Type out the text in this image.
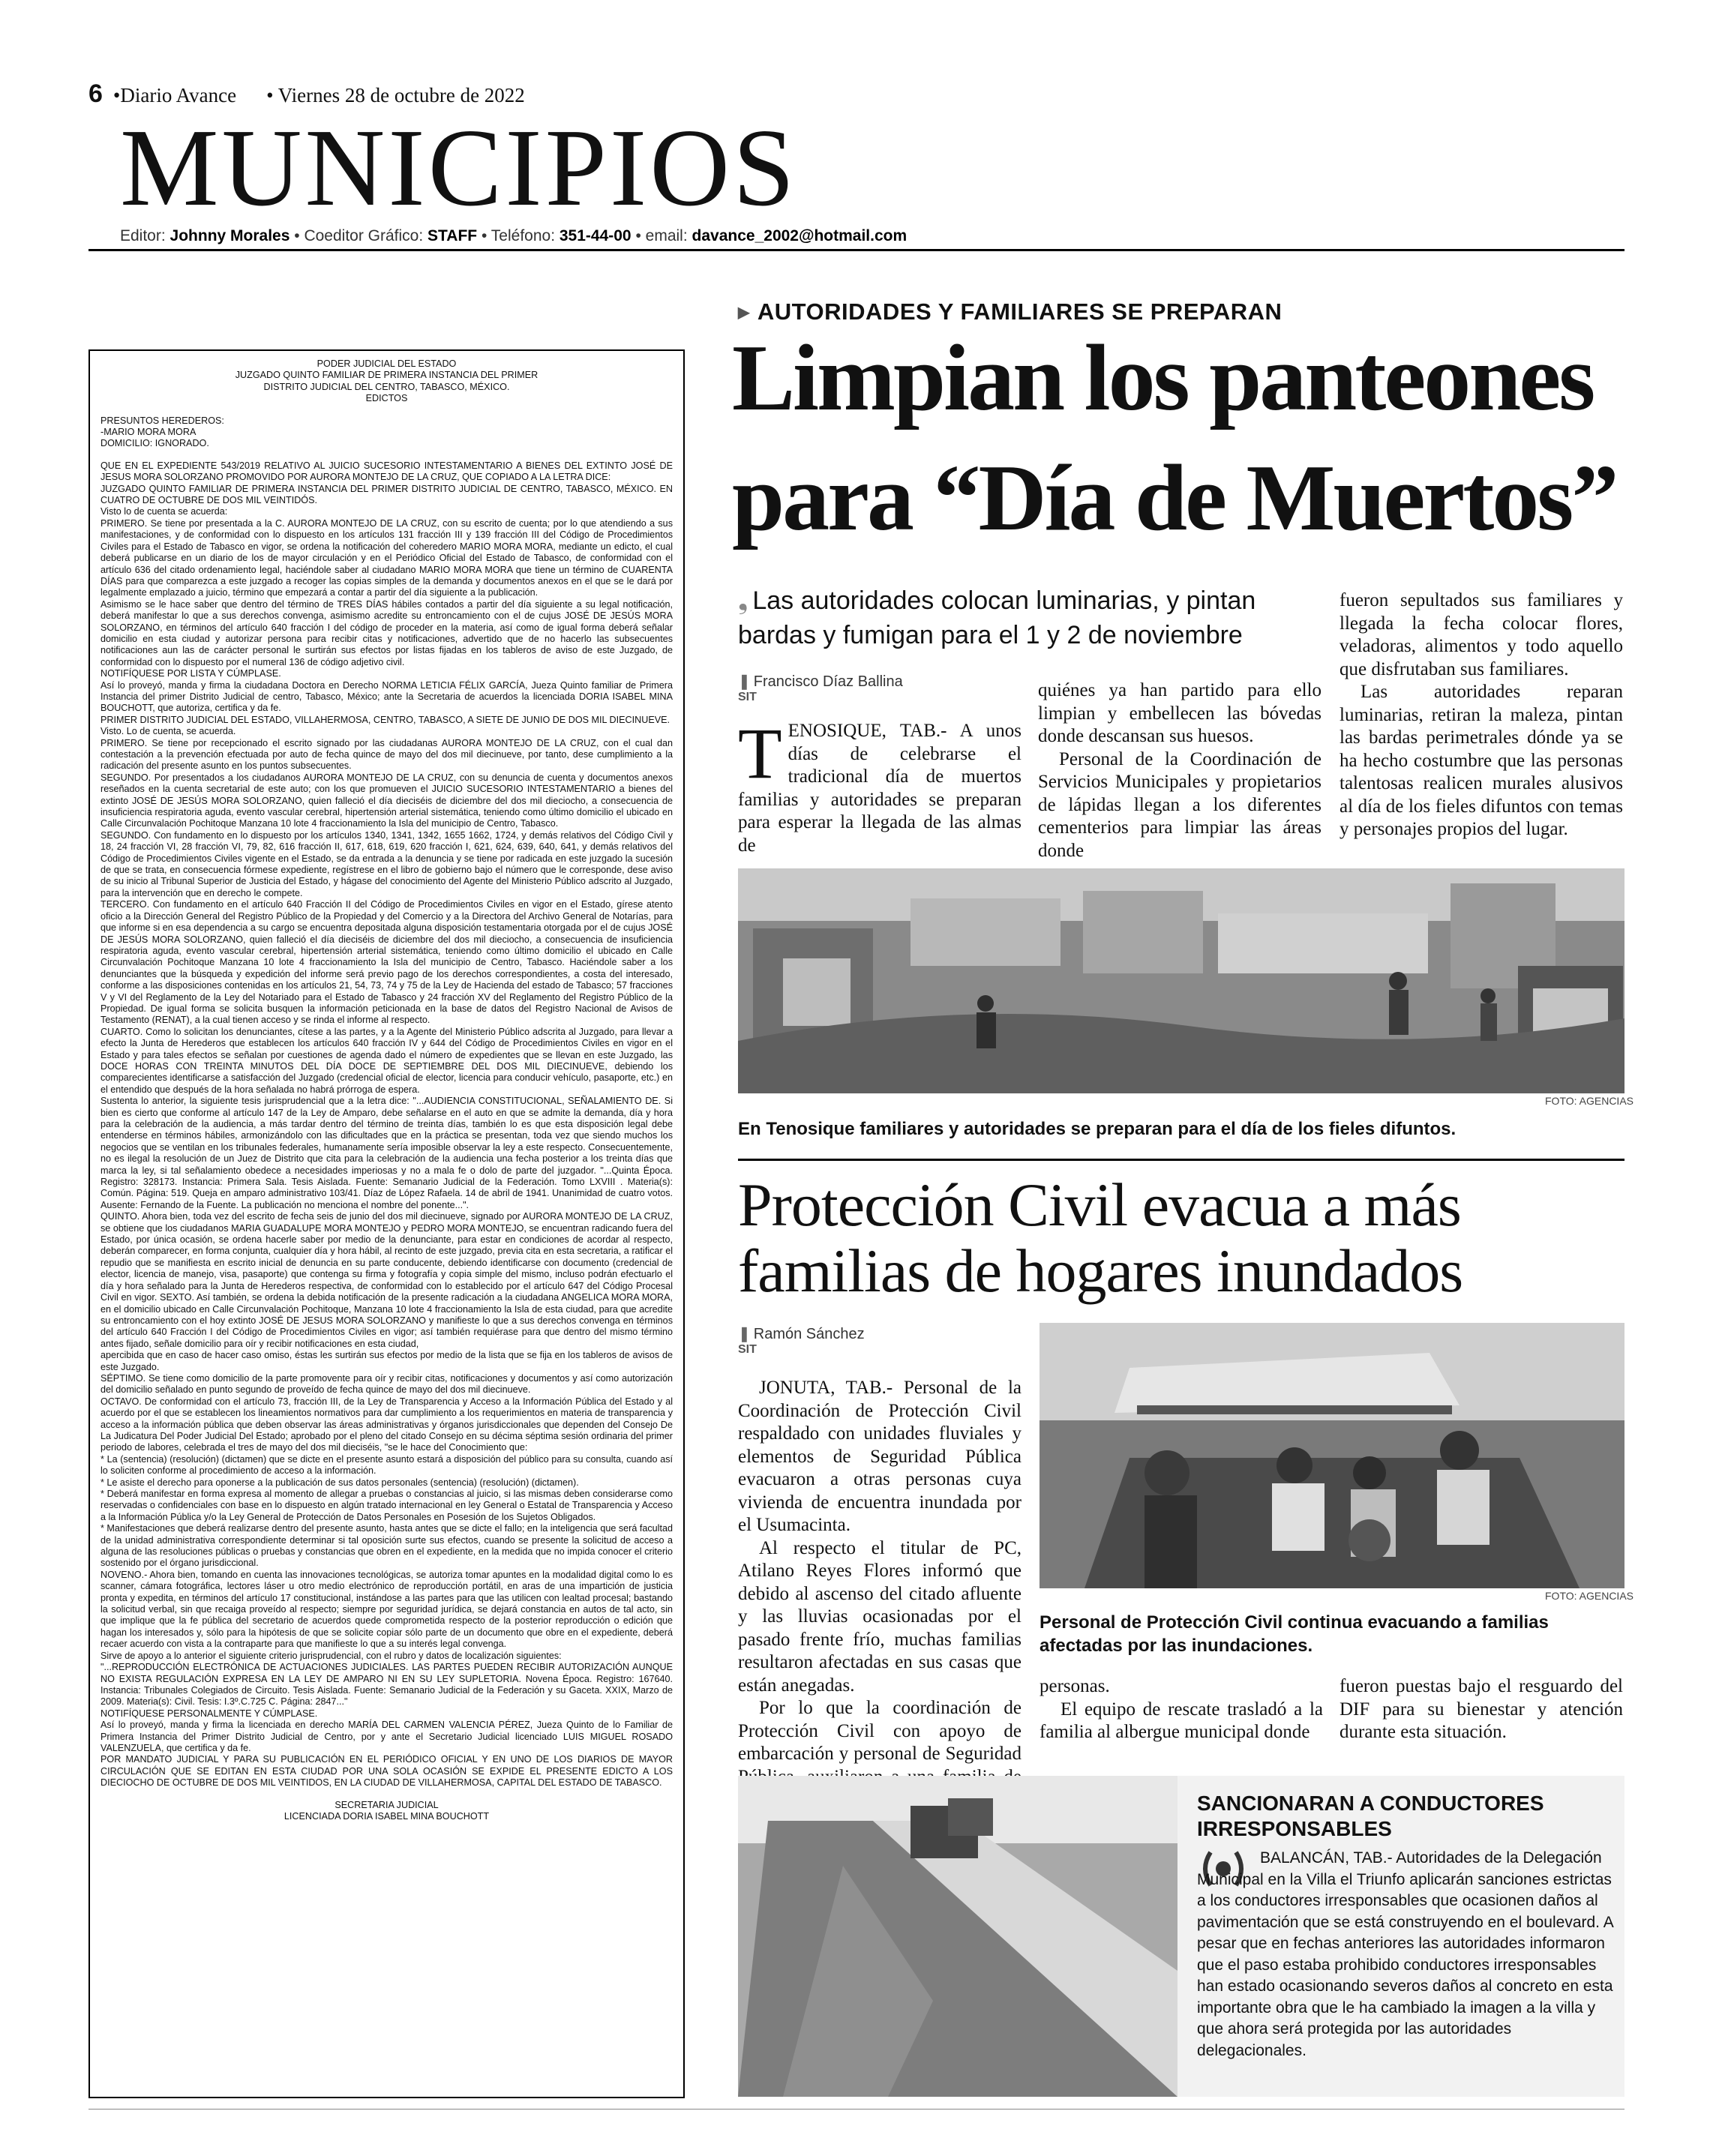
6 •Diario Avance • Viernes 28 de octubre de 2022
MUNICIPIOS
Editor: Johnny Morales • Coeditor Gráfico: STAFF • Teléfono: 351-44-00 • email: davance_2002@hotmail.com

PODER JUDICIAL DEL ESTADO

JUZGADO QUINTO FAMILIAR DE PRIMERA INSTANCIA DEL PRIMER

DISTRITO JUDICIAL DEL CENTRO, TABASCO, MÉXICO.

EDICTOS

PRESUNTOS HEREDEROS:

-MARIO MORA MORA

DOMICILIO: IGNORADO.

QUE EN EL EXPEDIENTE 543/2019 RELATIVO AL JUICIO SUCESORIO INTESTAMENTARIO A BIENES DEL EXTINTO JOSÉ DE JESUS MORA SOLORZANO PROMOVIDO POR AURORA MONTEJO DE LA CRUZ, QUE COPIADO A LA LETRA DICE:

JUZGADO QUINTO FAMILIAR DE PRIMERA INSTANCIA DEL PRIMER DISTRITO JUDICIAL DE CENTRO, TABASCO, MÉXICO. EN CUATRO DE OCTUBRE DE DOS MIL VEINTIDÓS.

Visto lo de cuenta se acuerda:

PRIMERO. Se tiene por presentada a la C. AURORA MONTEJO DE LA CRUZ, con su escrito de cuenta; por lo que atendiendo a sus manifestaciones, y de conformidad con lo dispuesto en los artículos 131 fracción III y 139 fracción III del Código de Procedimientos Civiles para el Estado de Tabasco en vigor, se ordena la notificación del coheredero MARIO MORA MORA, mediante un edicto, el cual deberá publicarse en un diario de los de mayor circulación y en el Periódico Oficial del Estado de Tabasco, de conformidad con el artículo 636 del citado ordenamiento legal, haciéndole saber al ciudadano MARIO MORA MORA que tiene un término de CUARENTA DÍAS para que comparezca a este juzgado a recoger las copias simples de la demanda y documentos anexos en el que se le dará por legalmente emplazado a juicio, término que empezará a contar a partir del día siguiente a la publicación.

Asimismo se le hace saber que dentro del término de TRES DÍAS hábiles contados a partir del día siguiente a su legal notificación, deberá manifestar lo que a sus derechos convenga, asimismo acredite su entroncamiento con el de cujus JOSÉ DE JESÚS MORA SOLORZANO, en términos del artículo 640 fracción I del código de proceder en la materia, así como de igual forma deberá señalar domicilio en esta ciudad y autorizar persona para recibir citas y notificaciones, advertido que de no hacerlo las subsecuentes notificaciones aun las de carácter personal le surtirán sus efectos por listas fijadas en los tableros de aviso de este Juzgado, de conformidad con lo dispuesto por el numeral 136 de código adjetivo civil.

NOTIFÍQUESE POR LISTA Y CÚMPLASE.

Así lo proveyó, manda y firma la ciudadana Doctora en Derecho NORMA LETICIA FÉLIX GARCÍA, Jueza Quinto familiar de Primera Instancia del primer Distrito Judicial de centro, Tabasco, México; ante la Secretaria de acuerdos la licenciada DORIA ISABEL MINA BOUCHOTT, que autoriza, certifica y da fe.

PRIMER DISTRITO JUDICIAL DEL ESTADO, VILLAHERMOSA, CENTRO, TABASCO, A SIETE DE JUNIO DE DOS MIL DIECINUEVE.

Visto. Lo de cuenta, se acuerda.

PRIMERO. Se tiene por recepcionado el escrito signado por las ciudadanas AURORA MONTEJO DE LA CRUZ, con el cual dan contestación a la prevención efectuada por auto de fecha quince de mayo del dos mil diecinueve, por tanto, dese cumplimiento a la radicación del presente asunto en los puntos subsecuentes.

SEGUNDO. Por presentados a los ciudadanos AURORA MONTEJO DE LA CRUZ, con su denuncia de cuenta y documentos anexos reseñados en la cuenta secretarial de este auto; con los que promueven el JUICIO SUCESORIO INTESTAMENTARIO a bienes del extinto JOSÉ DE JESÚS MORA SOLORZANO, quien falleció el día dieciséis de diciembre del dos mil dieciocho, a consecuencia de insuficiencia respiratoria aguda, evento vascular cerebral, hipertensión arterial sistemática, teniendo como último domicilio el ubicado en Calle Circunvalación Pochitoque Manzana 10 lote 4 fraccionamiento la Isla del municipio de Centro, Tabasco.

SEGUNDO. Con fundamento en lo dispuesto por los artículos 1340, 1341, 1342, 1655 1662, 1724, y demás relativos del Código Civil y 18, 24 fracción VI, 28 fracción VI, 79, 82, 616 fracción II, 617, 618, 619, 620 fracción I, 621, 624, 639, 640, 641, y demás relativos del Código de Procedimientos Civiles vigente en el Estado, se da entrada a la denuncia y se tiene por radicada en este juzgado la sucesión de que se trata, en consecuencia fórmese expediente, regístrese en el libro de gobierno bajo el número que le corresponde, dese aviso de su inicio al Tribunal Superior de Justicia del Estado, y hágase del conocimiento del Agente del Ministerio Público adscrito al Juzgado, para la intervención que en derecho le compete.

TERCERO. Con fundamento en el artículo 640 Fracción II del Código de Procedimientos Civiles en vigor en el Estado, gírese atento oficio a la Dirección General del Registro Público de la Propiedad y del Comercio y a la Directora del Archivo General de Notarías, para que informe si en esa dependencia a su cargo se encuentra depositada alguna disposición testamentaria otorgada por el de cujus JOSÉ DE JESÚS MORA SOLORZANO, quien falleció el día dieciséis de diciembre del dos mil dieciocho, a consecuencia de insuficiencia respiratoria aguda, evento vascular cerebral, hipertensión arterial sistemática, teniendo como último domicilio el ubicado en Calle Circunvalación Pochitoque Manzana 10 lote 4 fraccionamiento la Isla del municipio de Centro, Tabasco. Haciéndole saber a los denunciantes que la búsqueda y expedición del informe será previo pago de los derechos correspondientes, a costa del interesado, conforme a las disposiciones contenidas en los artículos 21, 54, 73, 74 y 75 de la Ley de Hacienda del estado de Tabasco; 57 fracciones V y VI del Reglamento de la Ley del Notariado para el Estado de Tabasco y 24 fracción XV del Reglamento del Registro Público de la Propiedad. De igual forma se solicita busquen la información peticionada en la base de datos del Registro Nacional de Avisos de Testamento (RENAT), a la cual tienen acceso y se rinda el informe al respecto.

CUARTO. Como lo solicitan los denunciantes, cítese a las partes, y a la Agente del Ministerio Público adscrita al Juzgado, para llevar a efecto la Junta de Herederos que establecen los artículos 640 fracción IV y 644 del Código de Procedimientos Civiles en vigor en el Estado y para tales efectos se señalan por cuestiones de agenda dado el número de expedientes que se llevan en este Juzgado, las DOCE HORAS CON TREINTA MINUTOS DEL DÍA DOCE DE SEPTIEMBRE DEL DOS MIL DIECINUEVE, debiendo los comparecientes identificarse a satisfacción del Juzgado (credencial oficial de elector, licencia para conducir vehículo, pasaporte, etc.) en el entendido que después de la hora señalada no habrá prórroga de espera.

Sustenta lo anterior, la siguiente tesis jurisprudencial que a la letra dice: "...AUDIENCIA CONSTITUCIONAL, SEÑALAMIENTO DE. Si bien es cierto que conforme al artículo 147 de la Ley de Amparo, debe señalarse en el auto en que se admite la demanda, día y hora para la celebración de la audiencia, a más tardar dentro del término de treinta días, también lo es que esta disposición legal debe entenderse en términos hábiles, armonizándolo con las dificultades que en la práctica se presentan, toda vez que siendo muchos los negocios que se ventilan en los tribunales federales, humanamente sería imposible observar la ley a este respecto. Consecuentemente, no es ilegal la resolución de un Juez de Distrito que cita para la celebración de la audiencia una fecha posterior a los treinta días que marca la ley, si tal señalamiento obedece a necesidades imperiosas y no a mala fe o dolo de parte del juzgador. "...Quinta Época. Registro: 328173. Instancia: Primera Sala. Tesis Aislada. Fuente: Semanario Judicial de la Federación. Tomo LXVIII . Materia(s): Común. Página: 519. Queja en amparo administrativo 103/41. Díaz de López Rafaela. 14 de abril de 1941. Unanimidad de cuatro votos. Ausente: Fernando de la Fuente. La publicación no menciona el nombre del ponente...".

QUINTO. Ahora bien, toda vez del escrito de fecha seis de junio del dos mil diecinueve, signado por AURORA MONTEJO DE LA CRUZ, se obtiene que los ciudadanos MARIA GUADALUPE MORA MONTEJO y PEDRO MORA MONTEJO, se encuentran radicando fuera del Estado, por única ocasión, se ordena hacerle saber por medio de la denunciante, para estar en condiciones de acordar al respecto, deberán comparecer, en forma conjunta, cualquier día y hora hábil, al recinto de este juzgado, previa cita en esta secretaria, a ratificar el repudio que se manifiesta en escrito inicial de denuncia en su parte conducente, debiendo identificarse con documento (credencial de elector, licencia de manejo, visa, pasaporte) que contenga su firma y fotografía y copia simple del mismo, incluso podrán efectuarlo el día y hora señalado para la Junta de Herederos respectiva, de conformidad con lo establecido por el artículo 647 del Código Procesal Civil en vigor. SEXTO. Así también, se ordena la debida notificación de la presente radicación a la ciudadana ANGELICA MORA MORA, en el domicilio ubicado en Calle Circunvalación Pochitoque, Manzana 10 lote 4 fraccionamiento la Isla de esta ciudad, para que acredite su entroncamiento con el hoy extinto JOSÉ DE JESUS MORA SOLORZANO y manifieste lo que a sus derechos convenga en términos del artículo 640 Fracción I del Código de Procedimientos Civiles en vigor; así también requiérase para que dentro del mismo término antes fijado, señale domicilio para oír y recibir notificaciones en esta ciudad,

apercibida que en caso de hacer caso omiso, éstas les surtirán sus efectos por medio de la lista que se fija en los tableros de avisos de este Juzgado.

SÉPTIMO. Se tiene como domicilio de la parte promovente para oír y recibir citas, notificaciones y documentos y así como autorización del domicilio señalado en punto segundo de proveído de fecha quince de mayo del dos mil diecinueve.

OCTAVO. De conformidad con el artículo 73, fracción III, de la Ley de Transparencia y Acceso a la Información Pública del Estado y al acuerdo por el que se establecen los lineamientos normativos para dar cumplimiento a los requerimientos en materia de transparencia y acceso a la información pública que deben observar las áreas administrativas y órganos jurisdiccionales que dependen del Consejo De La Judicatura Del Poder Judicial Del Estado; aprobado por el pleno del citado Consejo en su décima séptima sesión ordinaria del primer periodo de labores, celebrada el tres de mayo del dos mil dieciséis, "se le hace del Conocimiento que:

* La (sentencia) (resolución) (dictamen) que se dicte en el presente asunto estará a disposición del público para su consulta, cuando así lo soliciten conforme al procedimiento de acceso a la información.

* Le asiste el derecho para oponerse a la publicación de sus datos personales (sentencia) (resolución) (dictamen).

* Deberá manifestar en forma expresa al momento de allegar a pruebas o constancias al juicio, si las mismas deben considerarse como reservadas o confidenciales con base en lo dispuesto en algún tratado internacional en ley General o Estatal de Transparencia y Acceso a la Información Pública y/o la Ley General de Protección de Datos Personales en Posesión de los Sujetos Obligados.

* Manifestaciones que deberá realizarse dentro del presente asunto, hasta antes que se dicte el fallo; en la inteligencia que será facultad de la unidad administrativa correspondiente determinar si tal oposición surte sus efectos, cuando se presente la solicitud de acceso a alguna de las resoluciones públicas o pruebas y constancias que obren en el expediente, en la medida que no impida conocer el criterio sostenido por el órgano jurisdiccional.

NOVENO.- Ahora bien, tomando en cuenta las innovaciones tecnológicas, se autoriza tomar apuntes en la modalidad digital como lo es scanner, cámara fotográfica, lectores láser u otro medio electrónico de reproducción portátil, en aras de una impartición de justicia pronta y expedita, en términos del artículo 17 constitucional, instándose a las partes para que las utilicen con lealtad procesal; bastando la solicitud verbal, sin que recaiga proveído al respecto; siempre por seguridad jurídica, se dejará constancia en autos de tal acto, sin que implique que la fe pública del secretario de acuerdos quede comprometida respecto de la posterior reproducción o edición que hagan los interesados y, sólo para la hipótesis de que se solicite copiar sólo parte de un documento que obre en el expediente, deberá recaer acuerdo con vista a la contraparte para que manifieste lo que a su interés legal convenga.

Sirve de apoyo a lo anterior el siguiente criterio jurisprudencial, con el rubro y datos de localización siguientes:

"...REPRODUCCIÓN ELECTRÓNICA DE ACTUACIONES JUDICIALES. LAS PARTES PUEDEN RECIBIR AUTORIZACIÓN AUNQUE NO EXISTA REGULACIÓN EXPRESA EN LA LEY DE AMPARO NI EN SU LEY SUPLETORIA. Novena Época. Registro: 167640. Instancia: Tribunales Colegiados de Circuito. Tesis Aislada. Fuente: Semanario Judicial de la Federación y su Gaceta. XXIX, Marzo de 2009. Materia(s): Civil. Tesis: I.3º.C.725 C. Página: 2847..."

NOTIFÍQUESE PERSONALMENTE Y CÚMPLASE.

Así lo proveyó, manda y firma la licenciada en derecho MARÍA DEL CARMEN VALENCIA PÉREZ, Jueza Quinto de lo Familiar de Primera Instancia del Primer Distrito Judicial de Centro, por y ante el Secretario Judicial licenciado LUIS MIGUEL ROSADO VALENZUELA, que certifica y da fe.

POR MANDATO JUDICIAL Y PARA SU PUBLICACIÓN EN EL PERIÓDICO OFICIAL Y EN UNO DE LOS DIARIOS DE MAYOR CIRCULACIÓN QUE SE EDITAN EN ESTA CIUDAD POR UNA SOLA OCASIÓN SE EXPIDE EL PRESENTE EDICTO A LOS DIECIOCHO DE OCTUBRE DE DOS MIL VEINTIDOS, EN LA CIUDAD DE VILLAHERMOSA, CAPITAL DEL ESTADO DE TABASCO.

SECRETARIA JUDICIAL

LICENCIADA DORIA ISABEL MINA BOUCHOTT

▶ AUTORIDADES Y FAMILIARES SE PREPARAN
Limpian los panteones
para “Día de Muertos”
❟ Las autoridades colocan luminarias, y pintan bardas y fumigan para el 1 y 2 de noviembre
❚ Francisco Díaz Ballina
SIT

TENOSIQUE, TAB.- A unos días de celebrarse el tradicional día de muertos familias y autoridades se preparan para esperar la llegada de las almas de

quiénes ya han partido para ello limpian y embellecen las bóvedas donde descansan sus huesos.

Personal de la Coordinación de Servicios Municipales y propietarios de lápidas llegan a los diferentes cementerios para limpiar las áreas donde

fueron sepultados sus familiares y llegada la fecha colocar flores, veladoras, alimentos y todo aquello que disfrutaban sus familiares.

Las autoridades reparan luminarias, retiran la maleza, pintan las bardas perimetrales dónde ya se ha hecho costumbre que las personas talentosas realicen murales alusivos al día de los fieles difuntos con temas y personajes propios del lugar.

FOTO: AGENCIAS
En Tenosique familiares y autoridades se preparan para el día de los fieles difuntos.
Protección Civil evacua a más
familias de hogares inundados
❚ Ramón Sánchez
SIT

JONUTA, TAB.- Personal de la Coordinación de Protección Civil respaldado con unidades fluviales y elementos de Seguridad Pública evacuaron a otras personas cuya vivienda de encuentra inundada por el Usumacinta.

Al respecto el titular de PC, Atilano Reyes Flores informó que debido al ascenso del citado afluente y las lluvias ocasionadas por el pasado frente frío, muchas familias resultaron afectadas en sus casas que están anegadas.

Por lo que la coordinación de Protección Civil con apoyo de embarcación y personal de Seguridad

FOTO: AGENCIAS
Personal de Protección Civil continua evacuando a familias afectadas por las inundaciones.

personas.

El equipo de rescate trasladó a la familia al albergue municipal donde

fueron puestas bajo el resguardo del DIF para su bienestar y atención durante esta situación.

SANCIONARAN A CONDUCTORES
IRRESPONSABLES
BALANCÁN, TAB.- Autoridades de la Delegación Municipal en la Villa el Triunfo aplicarán sanciones estrictas a los conductores irresponsables que ocasionen daños al pavimentación que se está construyendo en el boulevard. A pesar que en fechas anteriores las autoridades informaron que el paso estaba prohibido conductores irresponsables han estado ocasionando severos daños al concreto en esta importante obra que le ha cambiado la imagen a la villa y que ahora será protegida por las autoridades delegacionales.
